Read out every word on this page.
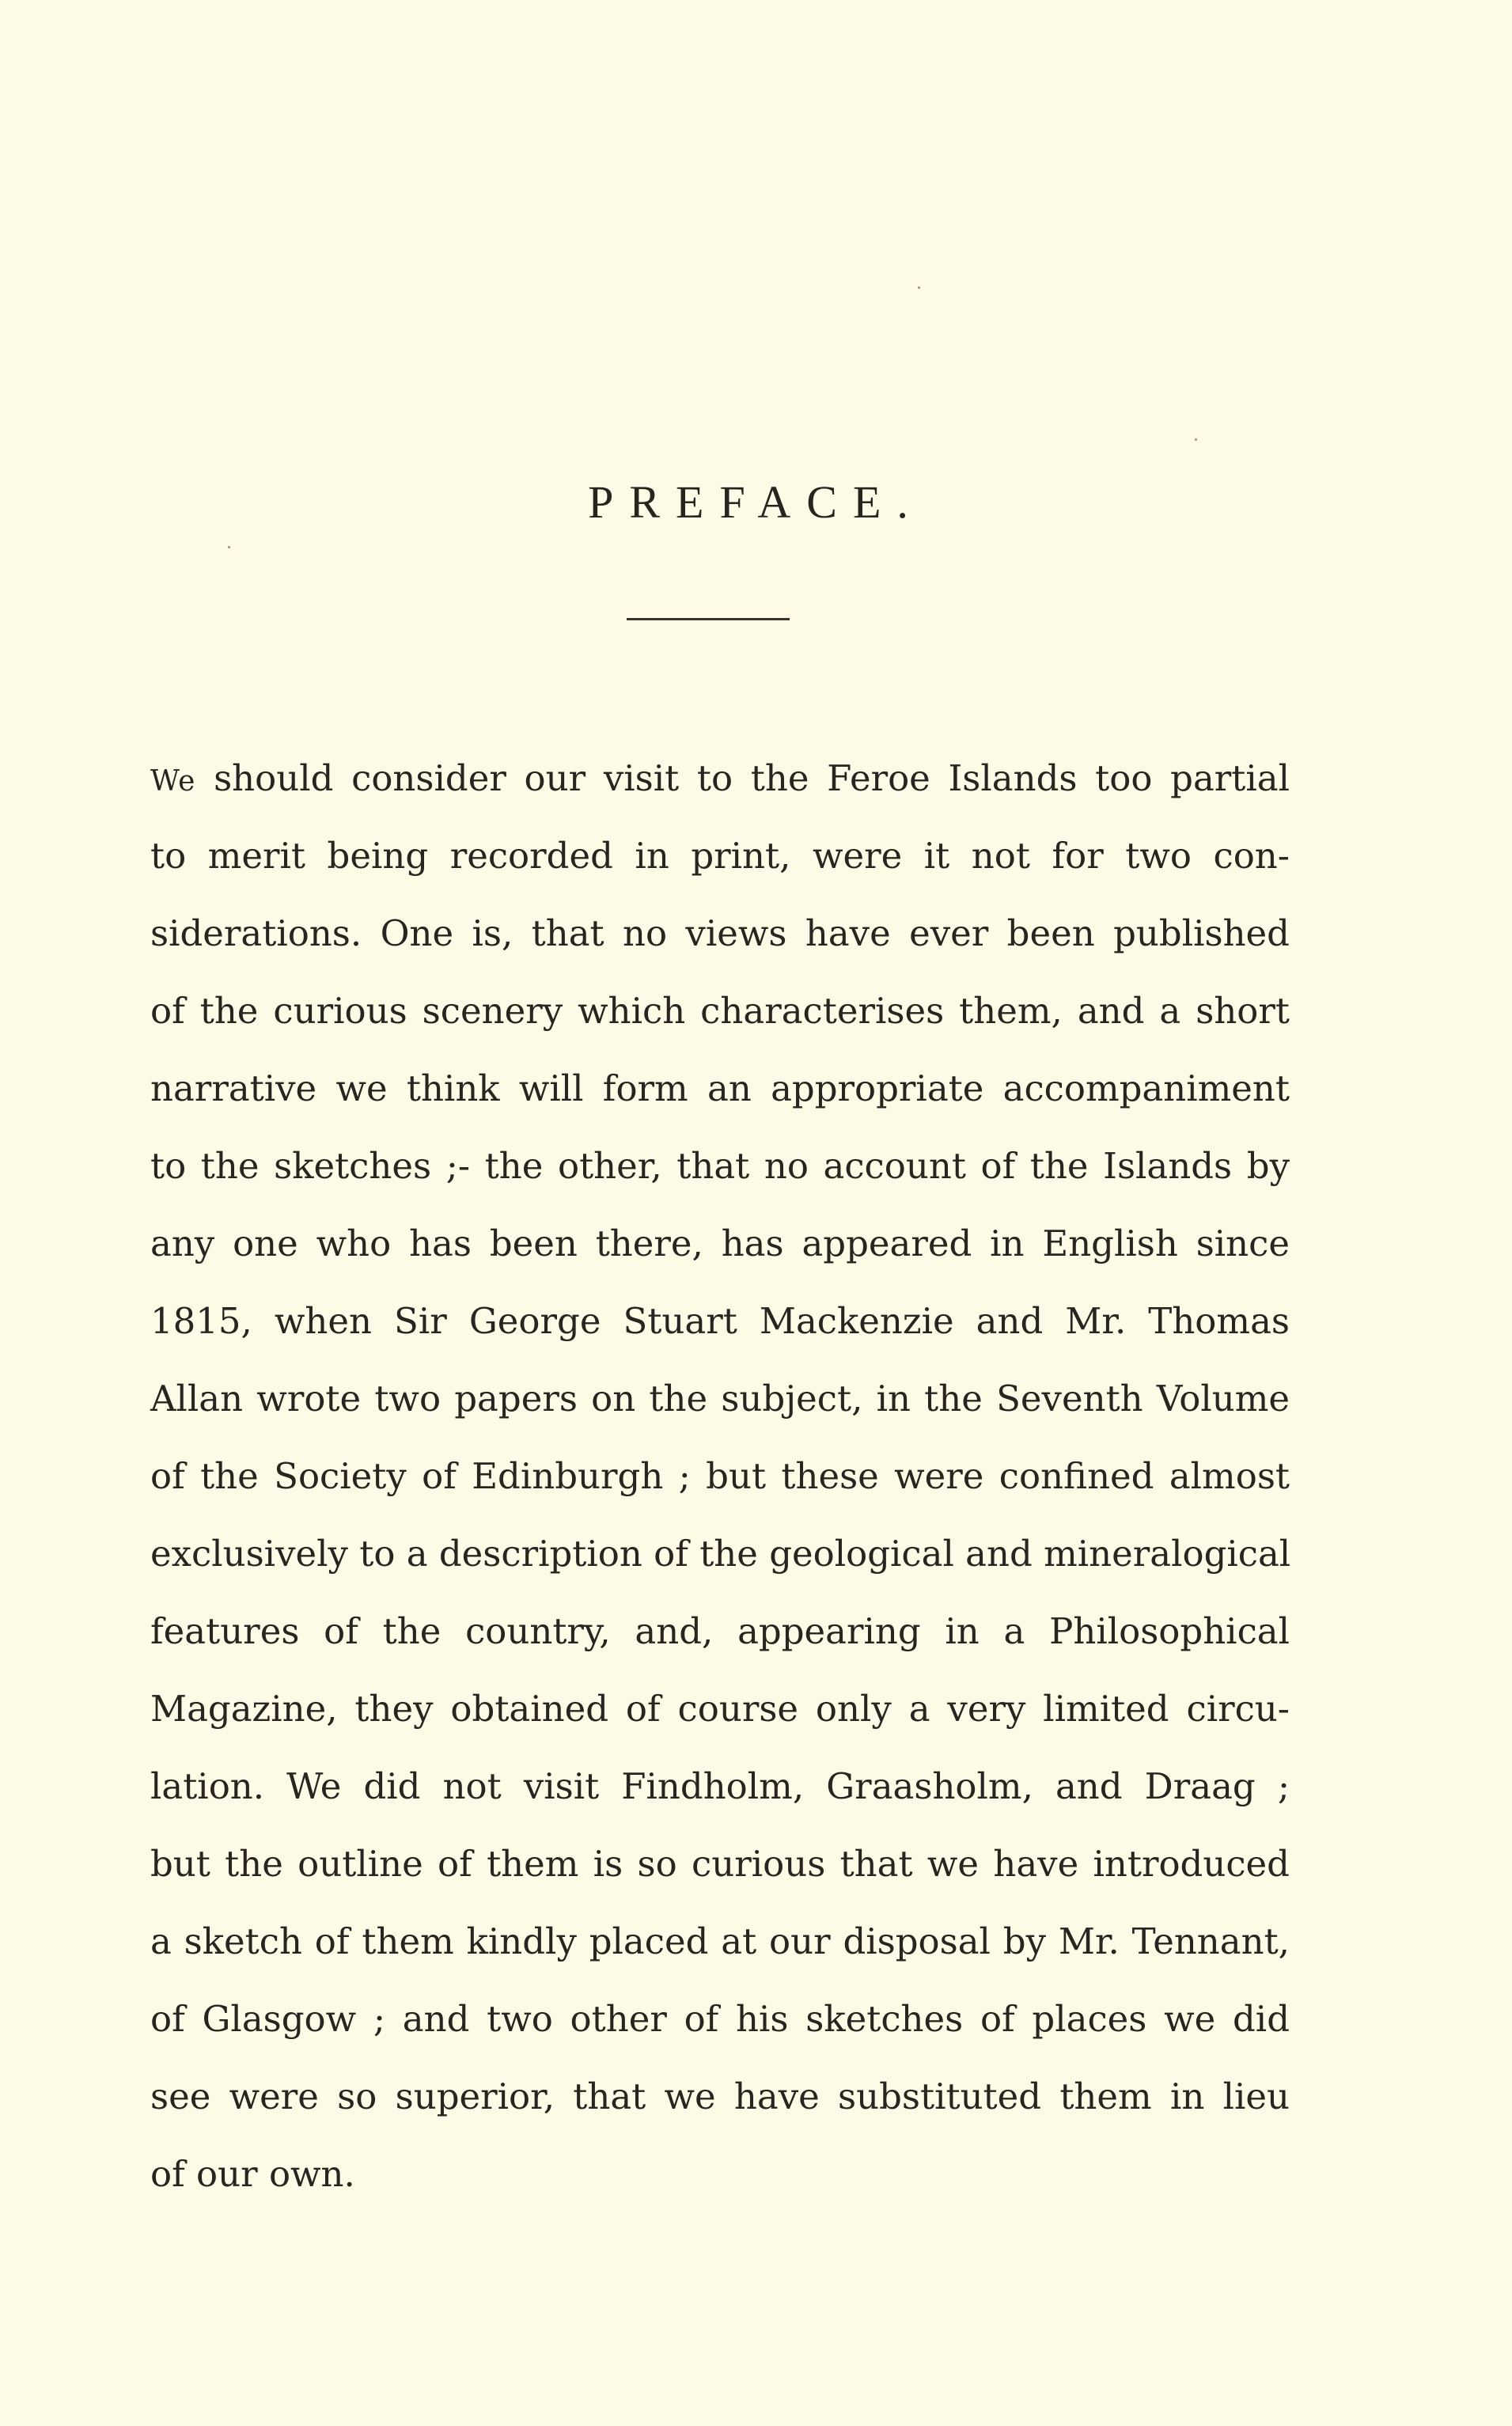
PREFACE.
We should consider our visit to the Feroe Islands too partial
to merit being recorded in print, were it not for two con-
siderations. One is, that no views have ever been published
of the curious scenery which characterises them, and a short
narrative we think will form an appropriate accompaniment
to the sketches ;- the other, that no account of the Islands by
any one who has been there, has appeared in English since
1815, when Sir George Stuart Mackenzie and Mr. Thomas
Allan wrote two papers on the subject, in the Seventh Volume
of the Society of Edinburgh ; but these were confined almost
exclusively to a description of the geological and mineralogical
features of the country, and, appearing in a Philosophical
Magazine, they obtained of course only a very limited circu-
lation. We did not visit Findholm, Graasholm, and Draag ;
but the outline of them is so curious that we have introduced
a sketch of them kindly placed at our disposal by Mr. Tennant,
of Glasgow ; and two other of his sketches of places we did
see were so superior, that we have substituted them in lieu
of our own.
